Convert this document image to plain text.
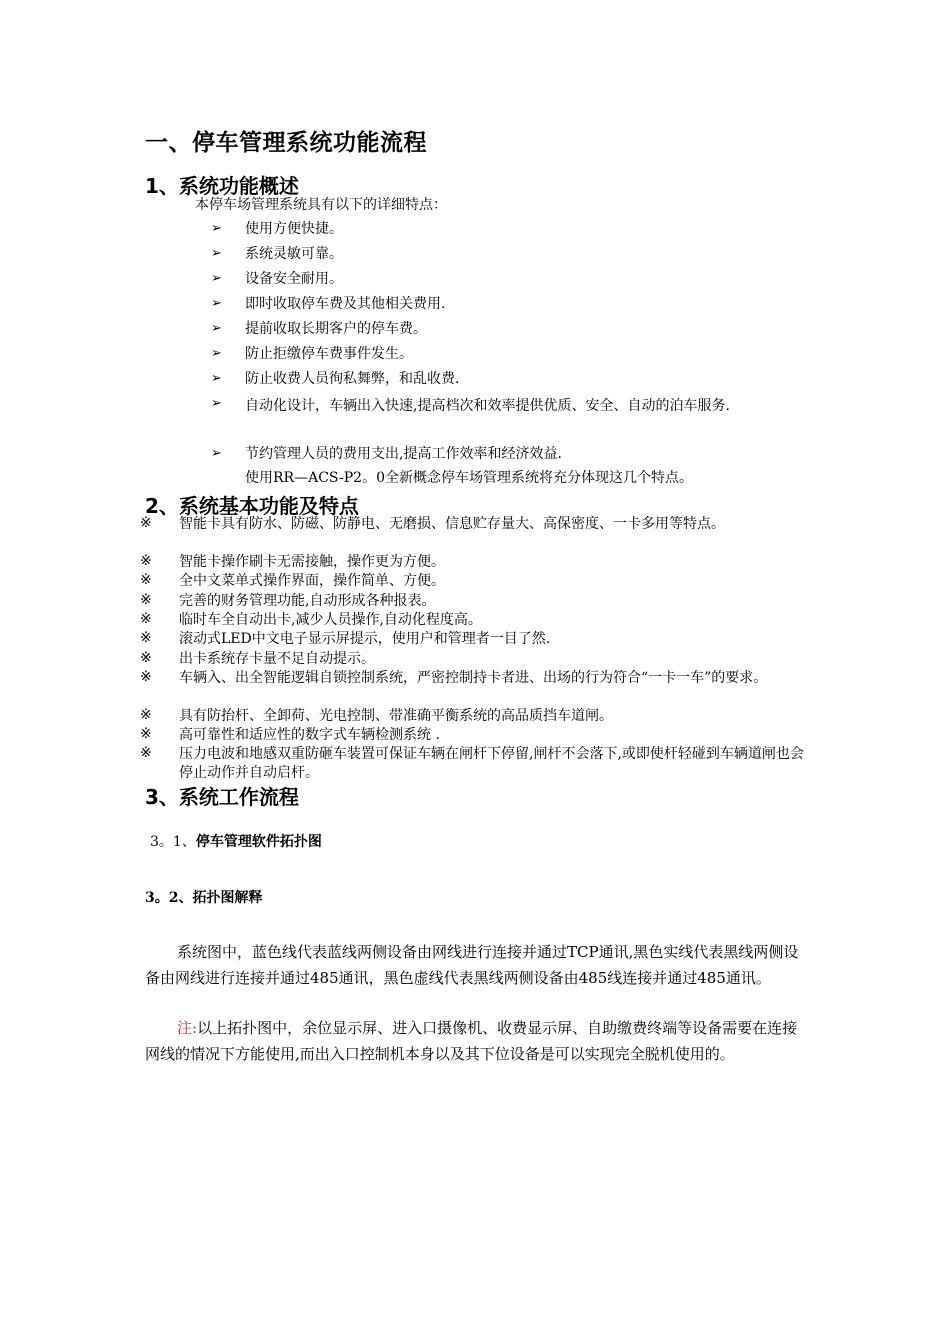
一、停车管理系统功能流程
1、系统功能概述
本停车场管理系统具有以下的详细特点：
➢ 使用方便快捷。
➢ 系统灵敏可靠。
➢ 设备安全耐用。
➢ 即时收取停车费及其他相关费用.
➢ 提前收取长期客户的停车费。
➢ 防止拒缴停车费事件发生。
➢ 防止收费人员徇私舞弊，和乱收费.
➢ 自动化设计，车辆出入快速,提高档次和效率提供优质、安全、自动的泊车服务.
➢ 节约管理人员的费用支出,提高工作效率和经济效益.
使用RR—ACS-P2。0全新概念停车场管理系统将充分体现这几个特点。
2、系统基本功能及特点
※ 智能卡具有防水、防磁、防静电、无磨损、信息贮存量大、高保密度、一卡多用等特点。
※ 智能卡操作刷卡无需接触，操作更为方便。
※ 全中文菜单式操作界面，操作简单、方便。
※ 完善的财务管理功能,自动形成各种报表。
※ 临时车全自动出卡,减少人员操作,自动化程度高。
※ 滚动式LED中文电子显示屏提示，使用户和管理者一目了然.
※ 出卡系统存卡量不足自动提示。
※ 车辆入、出全智能逻辑自锁控制系统，严密控制持卡者进、出场的行为符合“一卡一车”的要求。
※ 具有防抬杆、全卸荷、光电控制、带准确平衡系统的高品质挡车道闸。
※ 高可靠性和适应性的数字式车辆检测系统 .
※ 压力电波和地感双重防砸车装置可保证车辆在闸杆下停留,闸杆不会落下,或即使杆轻碰到车辆道闸也会停止动作并自动启杆。
3、系统工作流程
3。1、停车管理软件拓扑图
3。2、拓扑图解释
系统图中，蓝色线代表蓝线两侧设备由网线进行连接并通过TCP通讯,黑色实线代表黑线两侧设备由网线进行连接并通过485通讯，黑色虚线代表黑线两侧设备由485线连接并通过485通讯。
注:以上拓扑图中，余位显示屏、进入口摄像机、收费显示屏、自助缴费终端等设备需要在连接网线的情况下方能使用,而出入口控制机本身以及其下位设备是可以实现完全脱机使用的。
